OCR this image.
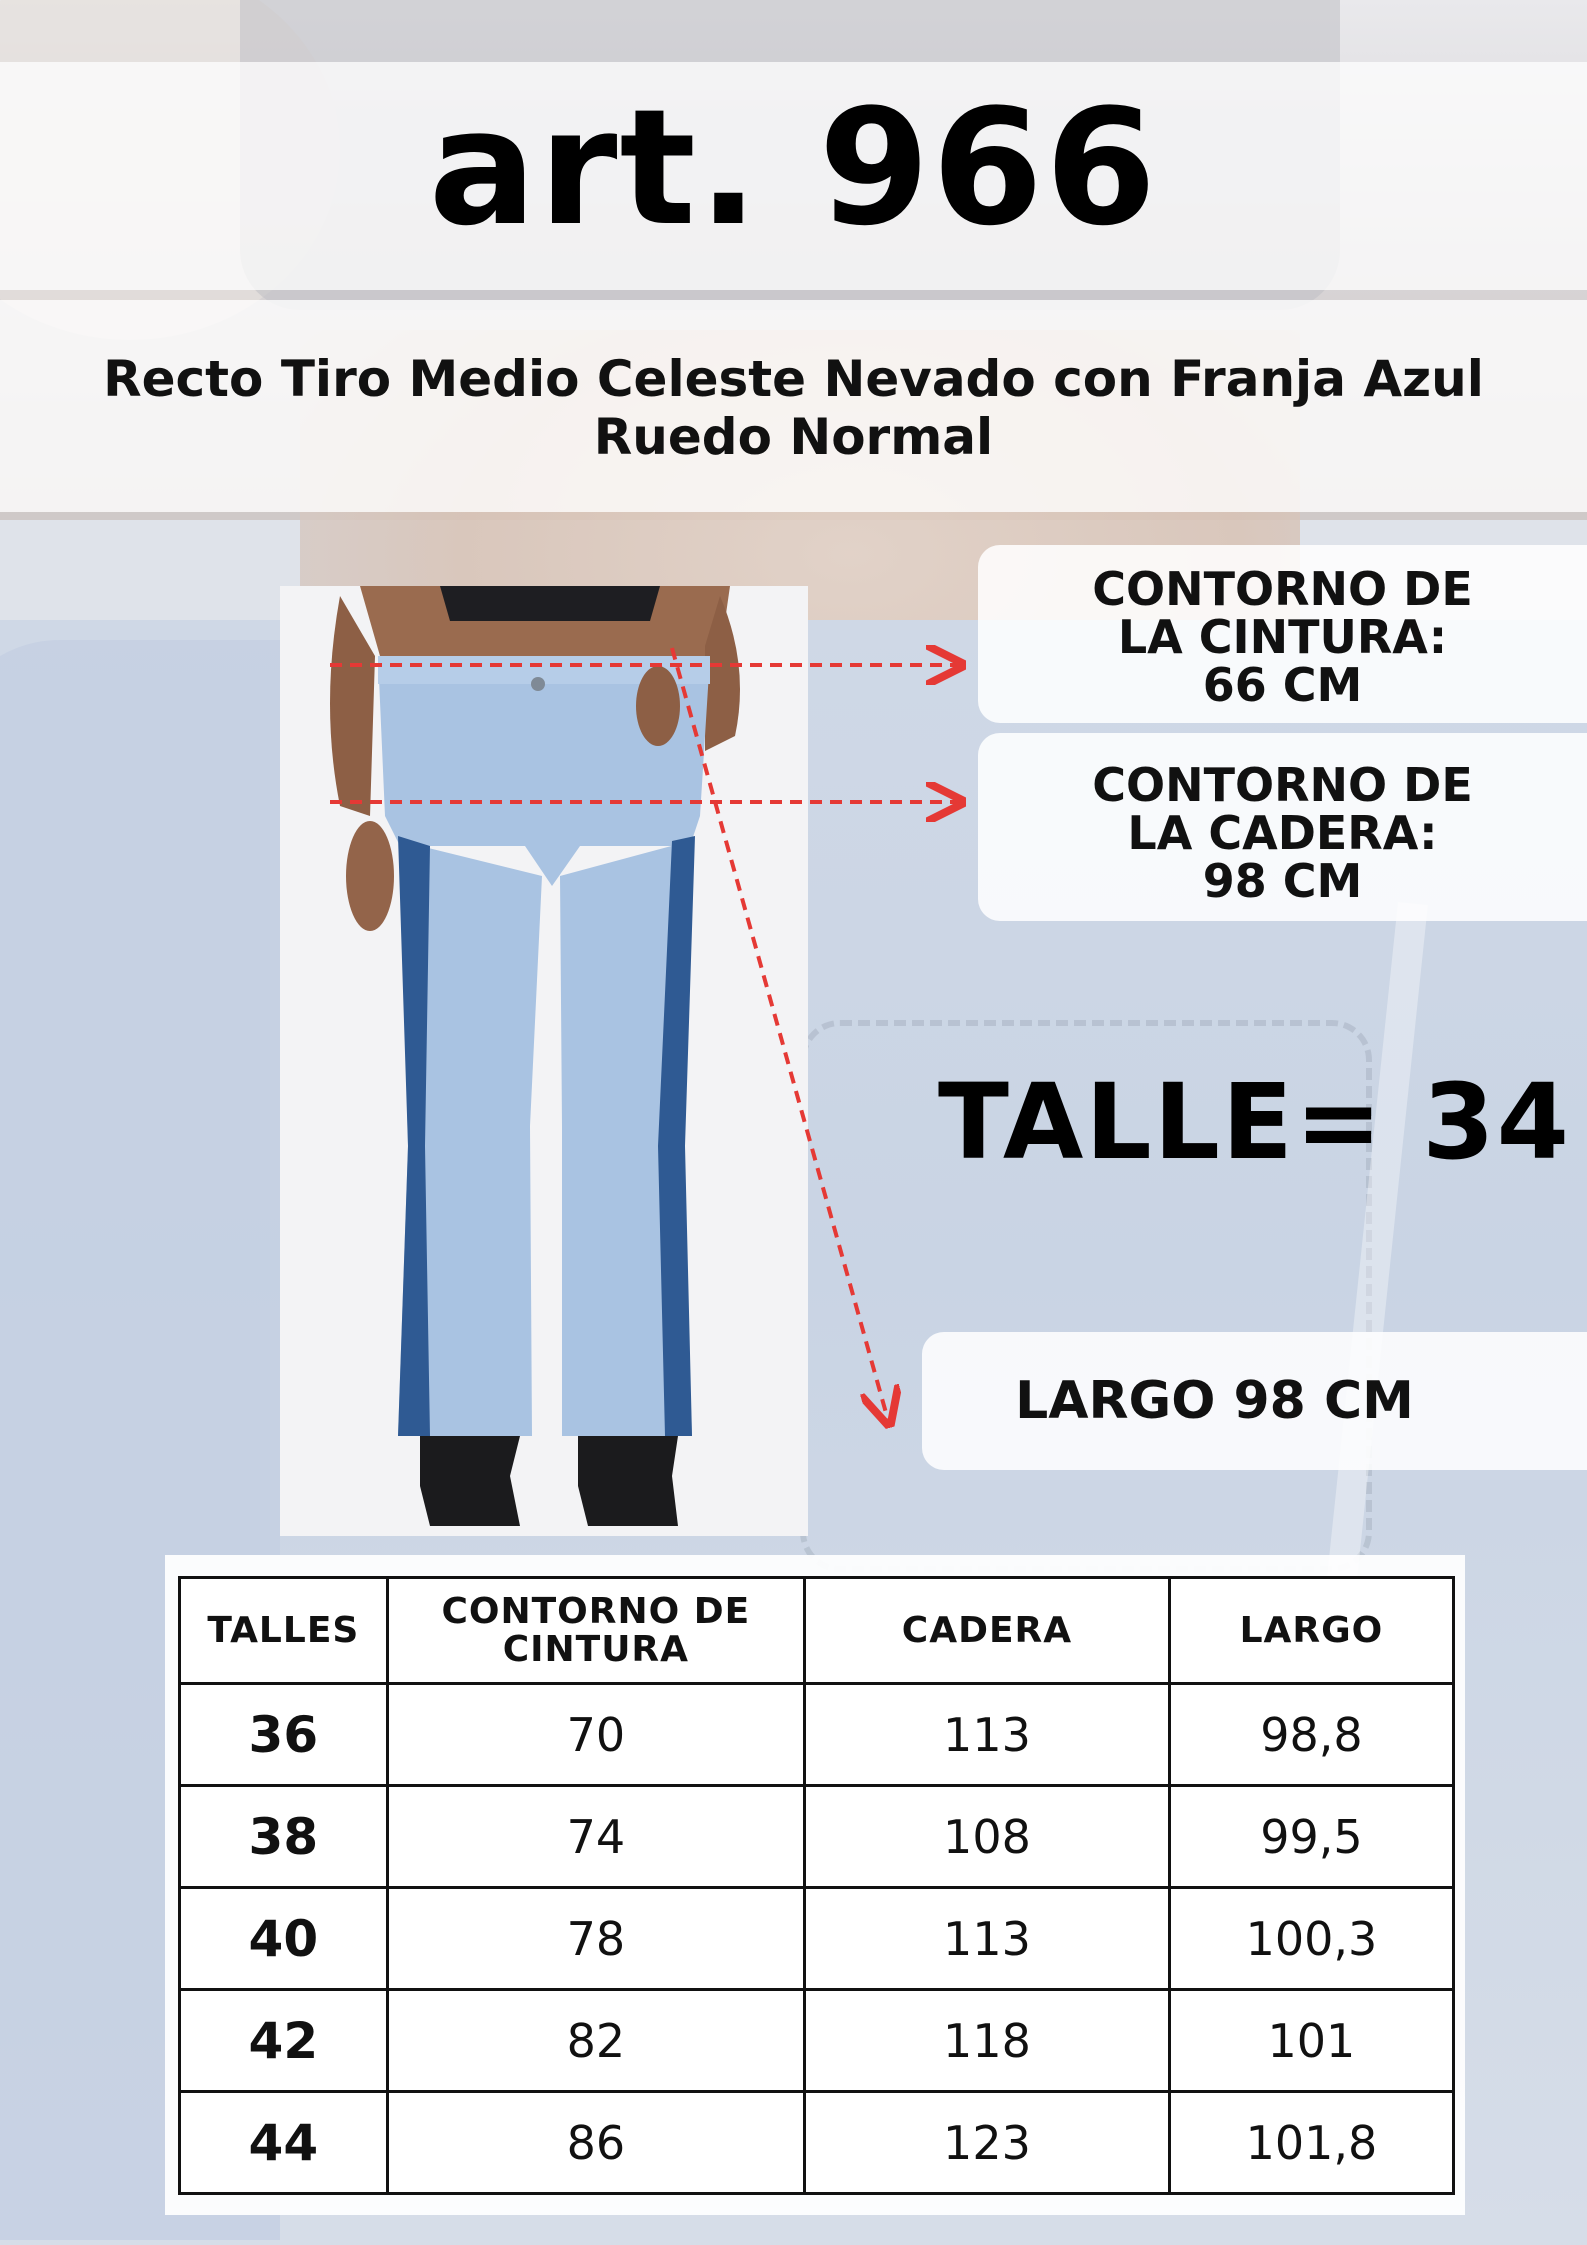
art. 966
Recto Tiro Medio Celeste Nevado con Franja Azul
Ruedo Normal
CONTORNO DE
LA CINTURA:
66 CM
CONTORNO DE
LA CADERA:
98 CM
TALLE= 34
LARGO 98 CM
TALLES	CONTORNO DE CINTURA	CADERA	LARGO
36	70	113	98,8
38	74	108	99,5
40	78	113	100,3
42	82	118	101
44	86	123	101,8
